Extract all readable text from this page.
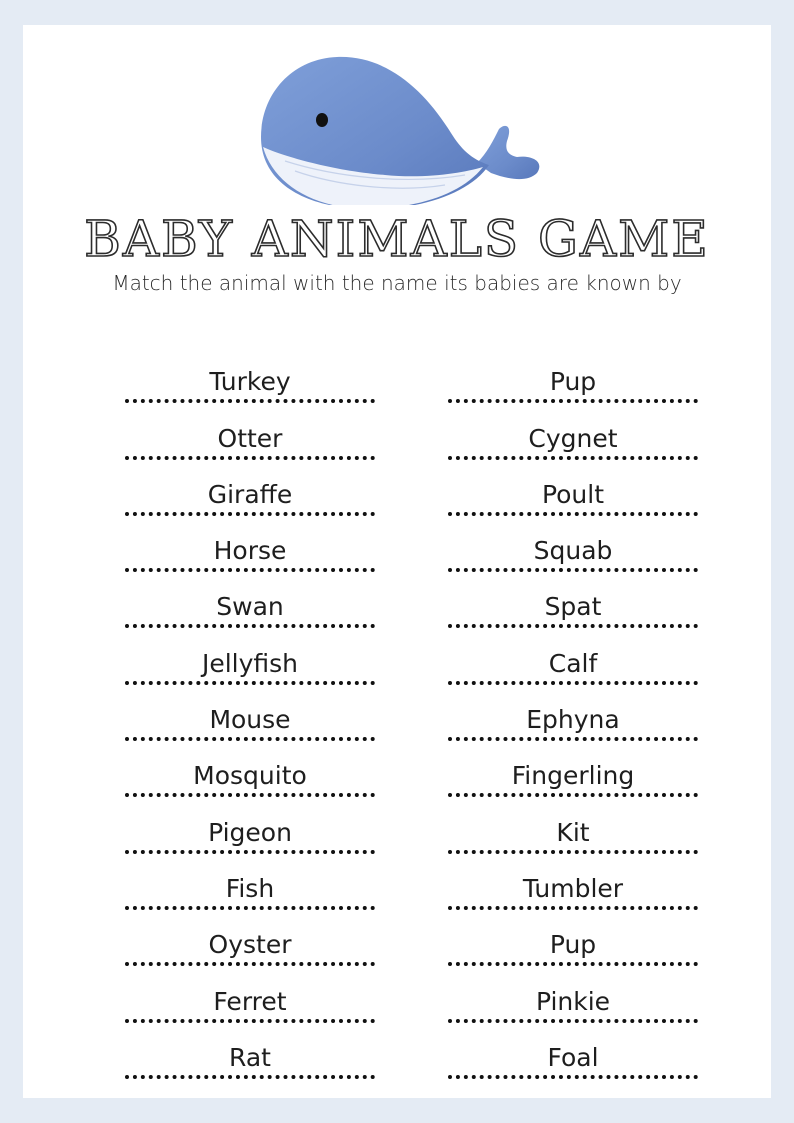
BABY ANIMALS GAME
Match the animal with the name its babies are known by
Turkey
Otter
Giraffe
Horse
Swan
Jellyfish
Mouse
Mosquito
Pigeon
Fish
Oyster
Ferret
Rat
Pup
Cygnet
Poult
Squab
Spat
Calf
Ephyna
Fingerling
Kit
Tumbler
Pup
Pinkie
Foal
